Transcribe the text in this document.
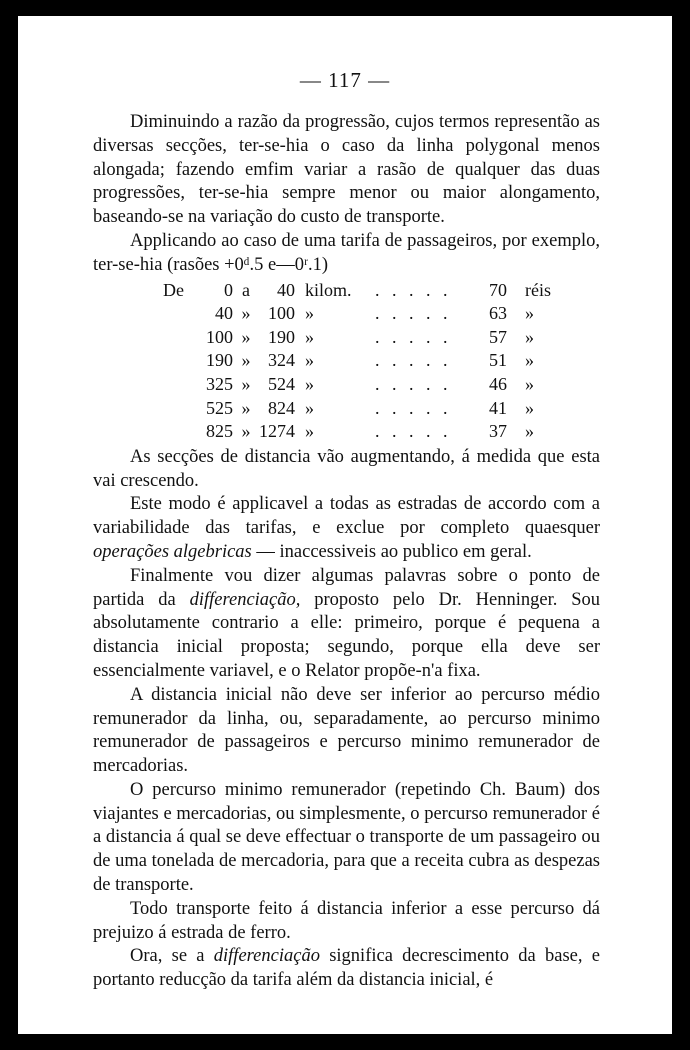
— 117 —

Diminuindo a razão da progressão, cujos termos representão as diversas secções, ter-se-hia o caso da linha polygonal menos alongada; fazendo emfim variar a rasão de qualquer das duas progressões, ter-se-hia sempre menor ou maior alongamento, baseando-se na variação do custo de transporte.

Applicando ao caso de uma tarifa de passageiros, por exemplo, ter-se-hia (rasões +0ᵈ.5 e—0ʳ.1)

De	0	a	40	kilom.	. . . . .	70	réis
	40	»	100	»	. . . . .	63	»
	100	»	190	»	. . . . .	57	»
	190	»	324	»	. . . . .	51	»
	325	»	524	»	. . . . .	46	»
	525	»	824	»	. . . . .	41	»
	825	»	1274	»	. . . . .	37	»

As secções de distancia vão augmentando, á medida que esta vai crescendo.

Este modo é applicavel a todas as estradas de accordo com a variabilidade das tarifas, e exclue por completo quaesquer operações algebricas — inaccessiveis ao publico em geral.

Finalmente vou dizer algumas palavras sobre o ponto de partida da differenciação, proposto pelo Dr. Henninger. Sou absolutamente contrario a elle: primeiro, porque é pequena a distancia inicial proposta; segundo, porque ella deve ser essencialmente variavel, e o Relator propõe-n'a fixa.

A distancia inicial não deve ser inferior ao percurso médio remunerador da linha, ou, separadamente, ao percurso minimo remunerador de passageiros e percurso minimo remunerador de mercadorias.

O percurso minimo remunerador (repetindo Ch. Baum) dos viajantes e mercadorias, ou simplesmente, o percurso remunerador é a distancia á qual se deve effectuar o transporte de um passageiro ou de uma tonelada de mercadoria, para que a receita cubra as despezas de transporte.

Todo transporte feito á distancia inferior a esse percurso dá prejuizo á estrada de ferro.

Ora, se a differenciação significa decrescimento da base, e portanto reducção da tarifa além da distancia inicial, é
